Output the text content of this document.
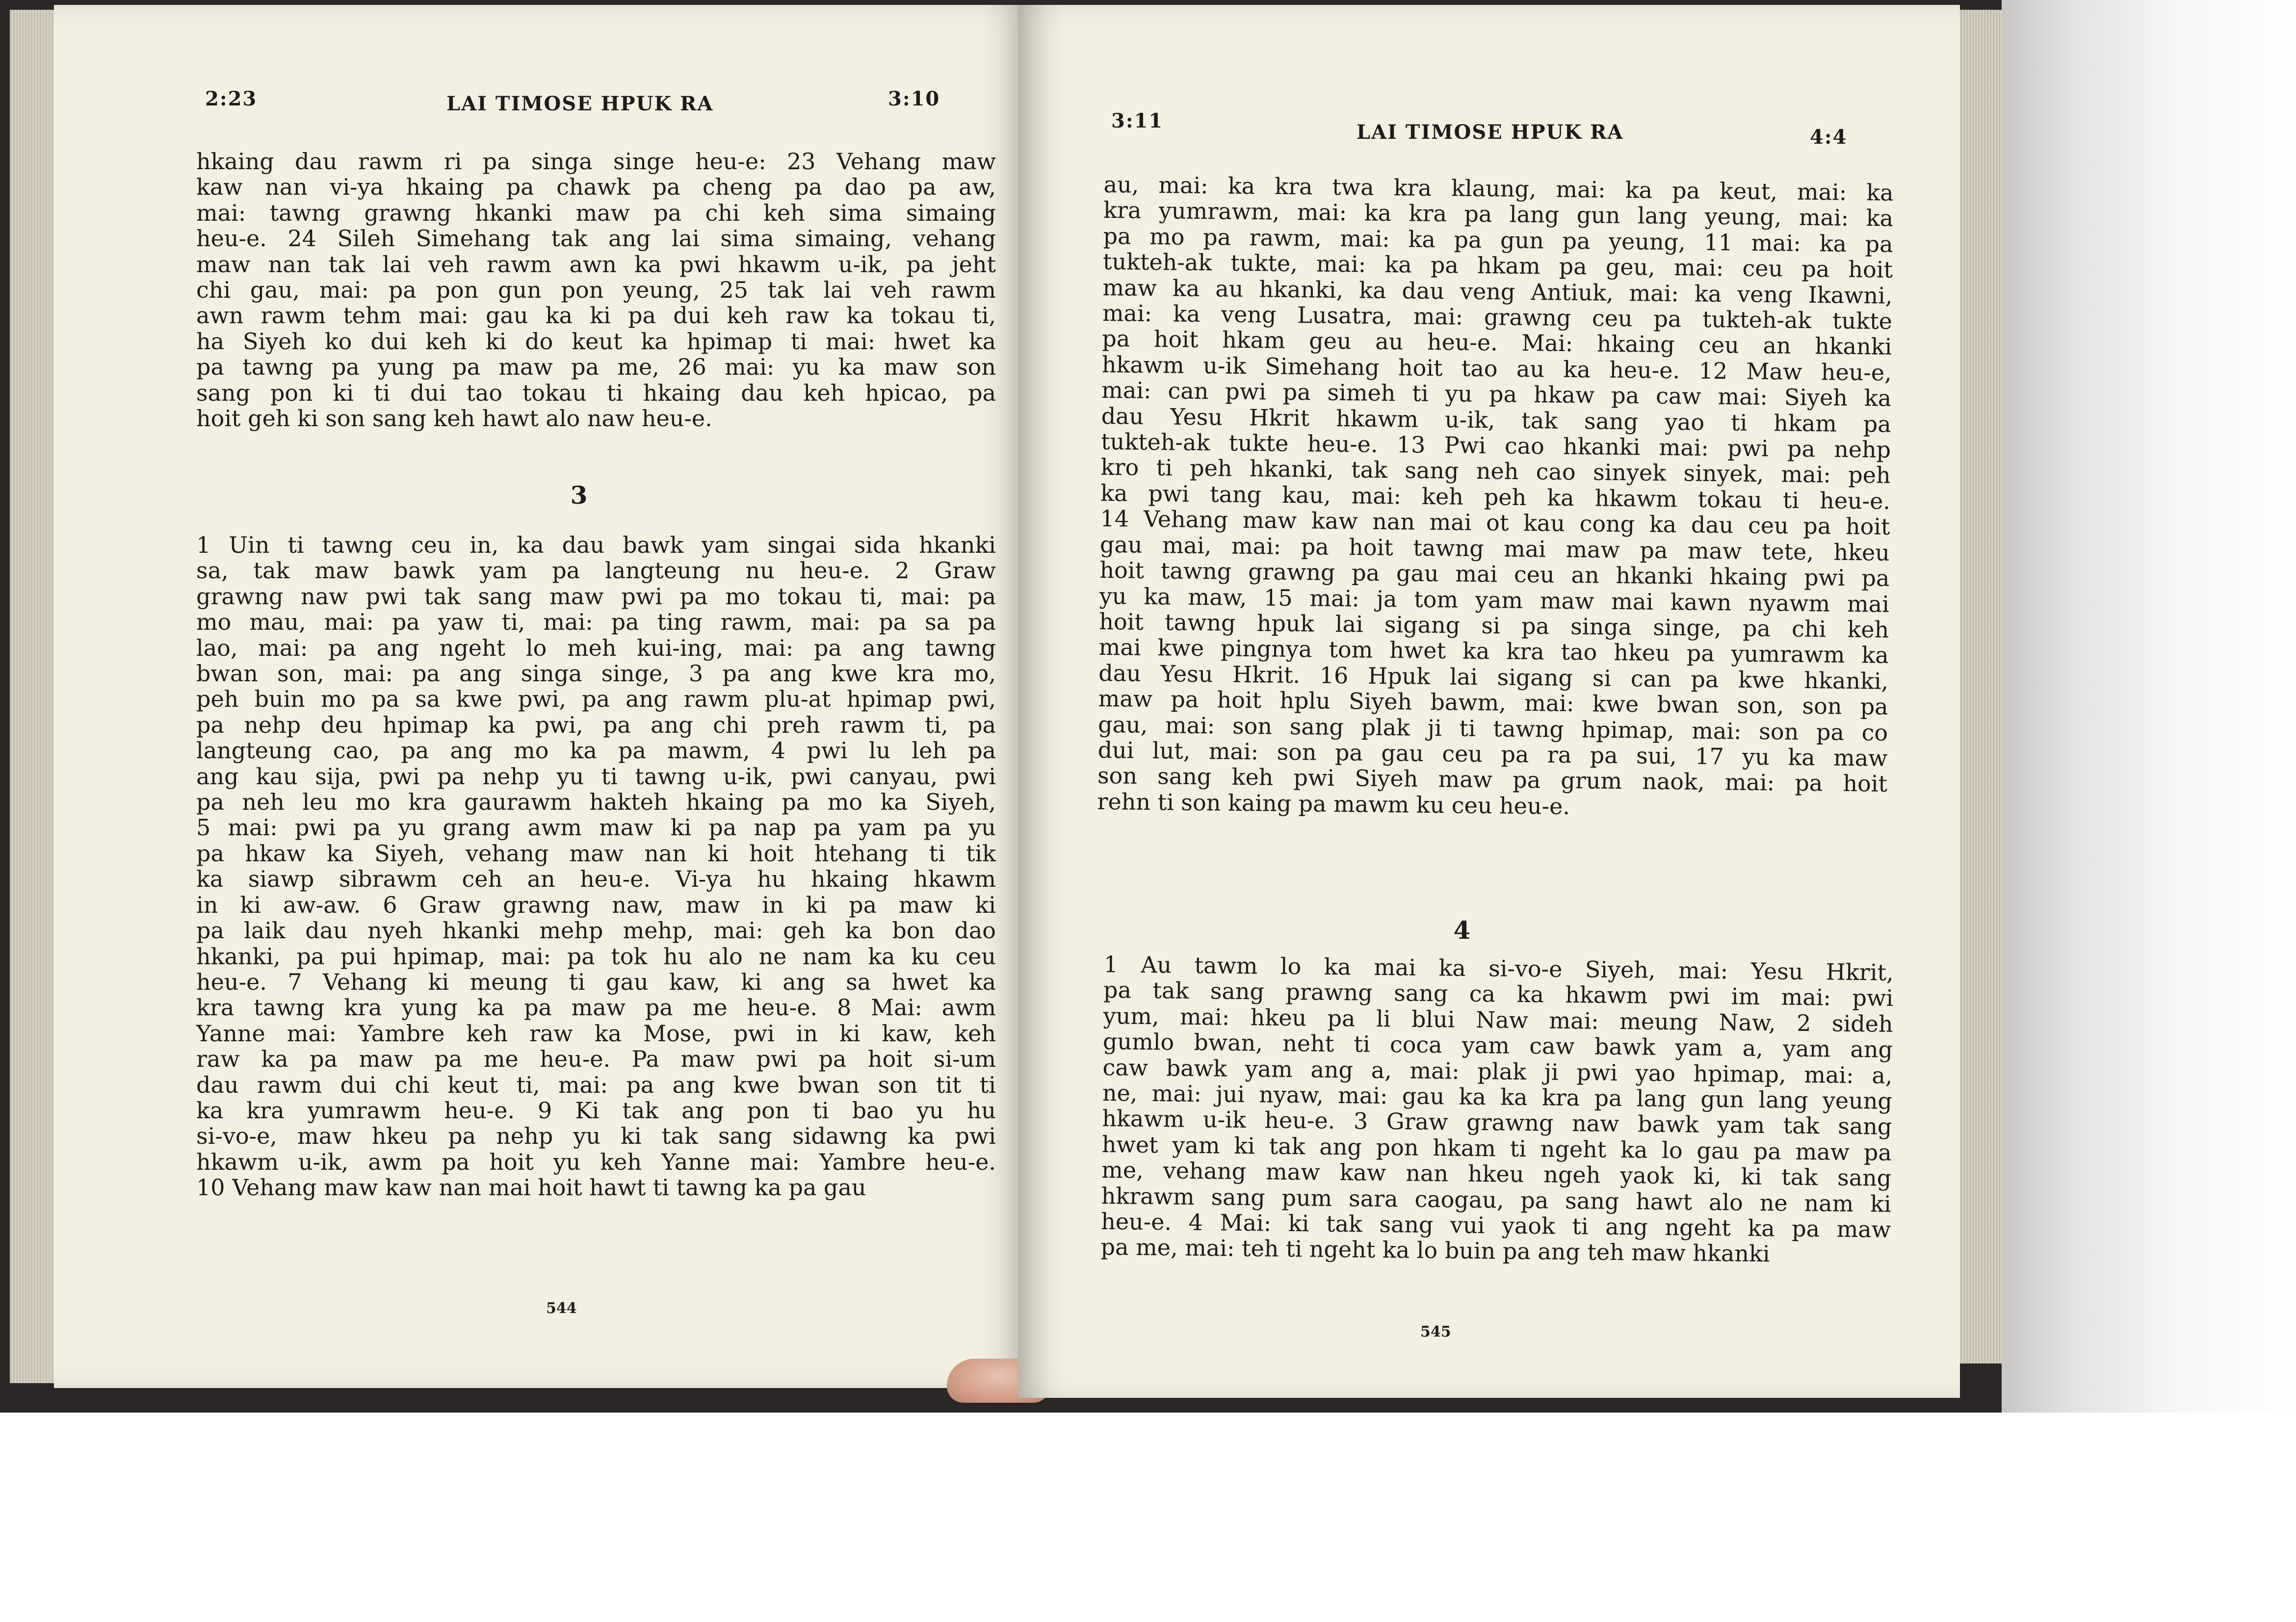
2:23	LAI TIMOSE HPUK RA	3:10
hkaing dau rawm ri pa singa singe heu-e: 23 Vehang maw
kaw nan vi-ya hkaing pa chawk pa cheng pa dao pa aw,
mai: tawng grawng hkanki maw pa chi keh sima simaing
heu-e. 24 Sileh Simehang tak ang lai sima simaing, vehang
maw nan tak lai veh rawm awn ka pwi hkawm u-ik, pa jeht
chi gau, mai: pa pon gun pon yeung, 25 tak lai veh rawm
awn rawm tehm mai: gau ka ki pa dui keh raw ka tokau ti,
ha Siyeh ko dui keh ki do keut ka hpimap ti mai: hwet ka
pa tawng pa yung pa maw pa me, 26 mai: yu ka maw son
sang pon ki ti dui tao tokau ti hkaing dau keh hpicao, pa
hoit geh ki son sang keh hawt alo naw heu-e.
3
1 Uin ti tawng ceu in, ka dau bawk yam singai sida hkanki
sa, tak maw bawk yam pa langteung nu heu-e. 2 Graw
grawng naw pwi tak sang maw pwi pa mo tokau ti, mai: pa
mo mau, mai: pa yaw ti, mai: pa ting rawm, mai: pa sa pa
lao, mai: pa ang ngeht lo meh kui-ing, mai: pa ang tawng
bwan son, mai: pa ang singa singe, 3 pa ang kwe kra mo,
peh buin mo pa sa kwe pwi, pa ang rawm plu-at hpimap pwi,
pa nehp deu hpimap ka pwi, pa ang chi preh rawm ti, pa
langteung cao, pa ang mo ka pa mawm, 4 pwi lu leh pa
ang kau sija, pwi pa nehp yu ti tawng u-ik, pwi canyau, pwi
pa neh leu mo kra gaurawm hakteh hkaing pa mo ka Siyeh,
5 mai: pwi pa yu grang awm maw ki pa nap pa yam pa yu
pa hkaw ka Siyeh, vehang maw nan ki hoit htehang ti tik
ka siawp sibrawm ceh an heu-e. Vi-ya hu hkaing hkawm
in ki aw-aw. 6 Graw grawng naw, maw in ki pa maw ki
pa laik dau nyeh hkanki mehp mehp, mai: geh ka bon dao
hkanki, pa pui hpimap, mai: pa tok hu alo ne nam ka ku ceu
heu-e. 7 Vehang ki meung ti gau kaw, ki ang sa hwet ka
kra tawng kra yung ka pa maw pa me heu-e. 8 Mai: awm
Yanne mai: Yambre keh raw ka Mose, pwi in ki kaw, keh
raw ka pa maw pa me heu-e. Pa maw pwi pa hoit si-um
dau rawm dui chi keut ti, mai: pa ang kwe bwan son tit ti
ka kra yumrawm heu-e. 9 Ki tak ang pon ti bao yu hu
si-vo-e, maw hkeu pa nehp yu ki tak sang sidawng ka pwi
hkawm u-ik, awm pa hoit yu keh Yanne mai: Yambre heu-e.
10 Vehang maw kaw nan mai hoit hawt ti tawng ka pa gau
544
3:11	LAI TIMOSE HPUK RA	4:4
au, mai: ka kra twa kra klaung, mai: ka pa keut, mai: ka
kra yumrawm, mai: ka kra pa lang gun lang yeung, mai: ka
pa mo pa rawm, mai: ka pa gun pa yeung, 11 mai: ka pa
tukteh-ak tukte, mai: ka pa hkam pa geu, mai: ceu pa hoit
maw ka au hkanki, ka dau veng Antiuk, mai: ka veng Ikawni,
mai: ka veng Lusatra, mai: grawng ceu pa tukteh-ak tukte
pa hoit hkam geu au heu-e. Mai: hkaing ceu an hkanki
hkawm u-ik Simehang hoit tao au ka heu-e. 12 Maw heu-e,
mai: can pwi pa simeh ti yu pa hkaw pa caw mai: Siyeh ka
dau Yesu Hkrit hkawm u-ik, tak sang yao ti hkam pa
tukteh-ak tukte heu-e. 13 Pwi cao hkanki mai: pwi pa nehp
kro ti peh hkanki, tak sang neh cao sinyek sinyek, mai: peh
ka pwi tang kau, mai: keh peh ka hkawm tokau ti heu-e.
14 Vehang maw kaw nan mai ot kau cong ka dau ceu pa hoit
gau mai, mai: pa hoit tawng mai maw pa maw tete, hkeu
hoit tawng grawng pa gau mai ceu an hkanki hkaing pwi pa
yu ka maw, 15 mai: ja tom yam maw mai kawn nyawm mai
hoit tawng hpuk lai sigang si pa singa singe, pa chi keh
mai kwe pingnya tom hwet ka kra tao hkeu pa yumrawm ka
dau Yesu Hkrit. 16 Hpuk lai sigang si can pa kwe hkanki,
maw pa hoit hplu Siyeh bawm, mai: kwe bwan son, son pa
gau, mai: son sang plak ji ti tawng hpimap, mai: son pa co
dui lut, mai: son pa gau ceu pa ra pa sui, 17 yu ka maw
son sang keh pwi Siyeh maw pa grum naok, mai: pa hoit
rehn ti son kaing pa mawm ku ceu heu-e.
4
1 Au tawm lo ka mai ka si-vo-e Siyeh, mai: Yesu Hkrit,
pa tak sang prawng sang ca ka hkawm pwi im mai: pwi
yum, mai: hkeu pa li blui Naw mai: meung Naw, 2 sideh
gumlo bwan, neht ti coca yam caw bawk yam a, yam ang
caw bawk yam ang a, mai: plak ji pwi yao hpimap, mai: a,
ne, mai: jui nyaw, mai: gau ka ka kra pa lang gun lang yeung
hkawm u-ik heu-e. 3 Graw grawng naw bawk yam tak sang
hwet yam ki tak ang pon hkam ti ngeht ka lo gau pa maw pa
me, vehang maw kaw nan hkeu ngeh yaok ki, ki tak sang
hkrawm sang pum sara caogau, pa sang hawt alo ne nam ki
heu-e. 4 Mai: ki tak sang vui yaok ti ang ngeht ka pa maw
pa me, mai: teh ti ngeht ka lo buin pa ang teh maw hkanki
545
